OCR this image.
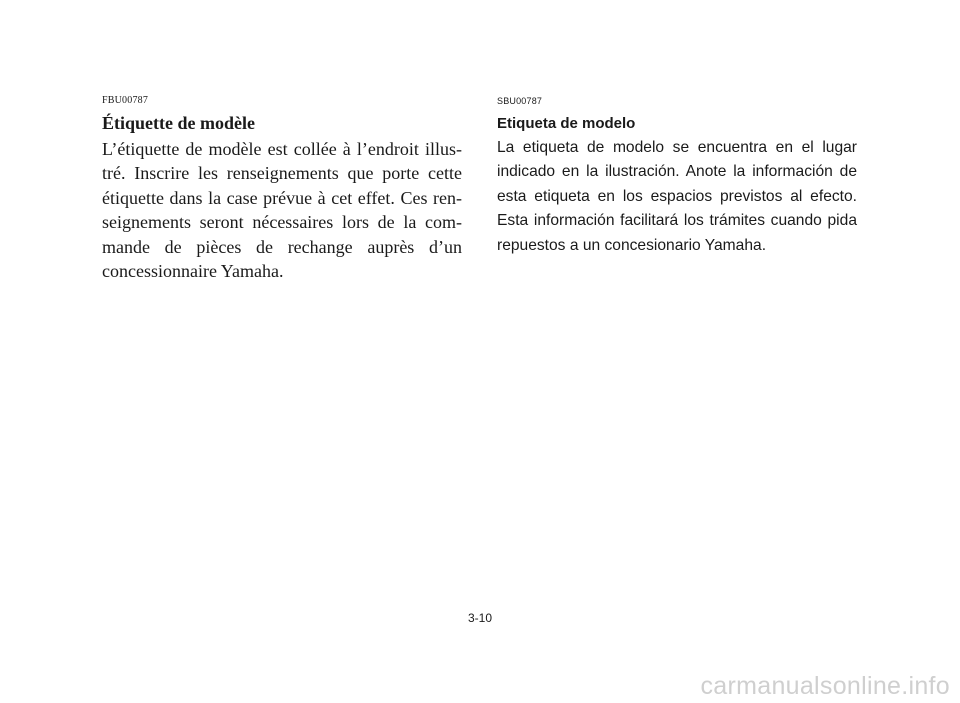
FBU00787
Étiquette de modèle

L’étiquette de modèle est collée à l’endroit illus-tré. Inscrire les renseignements que porte cette étiquette dans la case prévue à cet effet. Ces ren-seignements seront nécessaires lors de la com-mande de pièces de rechange auprès d’un concessionnaire Yamaha.

SBU00787
Etiqueta de modelo

La etiqueta de modelo se encuentra en el lugar indicado en la ilustración. Anote la información de esta etiqueta en los espacios previstos al efecto. Esta información facilitará los trámites cuando pida repuestos a un concesionario Yamaha.

3-10

carmanualsonline.info
